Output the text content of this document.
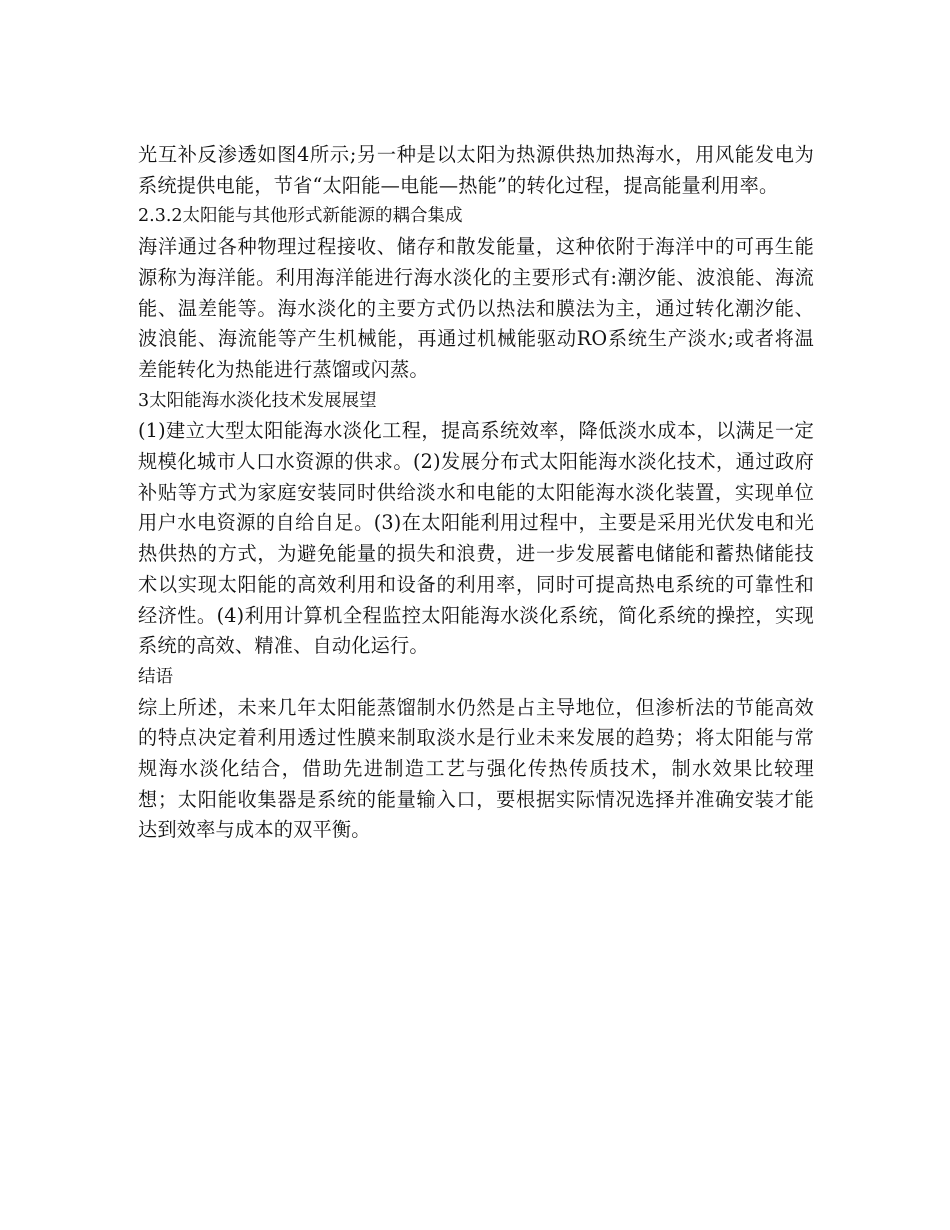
光互补反渗透如图4所示;另一种是以太阳为热源供热加热海水，用风能发电为系统提供电能，节省“太阳能—电能—热能”的转化过程，提高能量利用率。

2.3.2太阳能与其他形式新能源的耦合集成

海洋通过各种物理过程接收、储存和散发能量，这种依附于海洋中的可再生能源称为海洋能。利用海洋能进行海水淡化的主要形式有:潮汐能、波浪能、海流能、温差能等。海水淡化的主要方式仍以热法和膜法为主，通过转化潮汐能、波浪能、海流能等产生机械能，再通过机械能驱动RO系统生产淡水;或者将温差能转化为热能进行蒸馏或闪蒸。

3太阳能海水淡化技术发展展望

(1)建立大型太阳能海水淡化工程，提高系统效率，降低淡水成本，以满足一定规模化城市人口水资源的供求。(2)发展分布式太阳能海水淡化技术，通过政府补贴等方式为家庭安装同时供给淡水和电能的太阳能海水淡化装置，实现单位用户水电资源的自给自足。(3)在太阳能利用过程中，主要是采用光伏发电和光热供热的方式，为避免能量的损失和浪费，进一步发展蓄电储能和蓄热储能技术以实现太阳能的高效利用和设备的利用率，同时可提高热电系统的可靠性和经济性。(4)利用计算机全程监控太阳能海水淡化系统，简化系统的操控，实现系统的高效、精准、自动化运行。

结语

综上所述，未来几年太阳能蒸馏制水仍然是占主导地位，但渗析法的节能高效的特点决定着利用透过性膜来制取淡水是行业未来发展的趋势；将太阳能与常规海水淡化结合，借助先进制造工艺与强化传热传质技术，制水效果比较理想；太阳能收集器是系统的能量输入口，要根据实际情况选择并准确安装才能达到效率与成本的双平衡。
